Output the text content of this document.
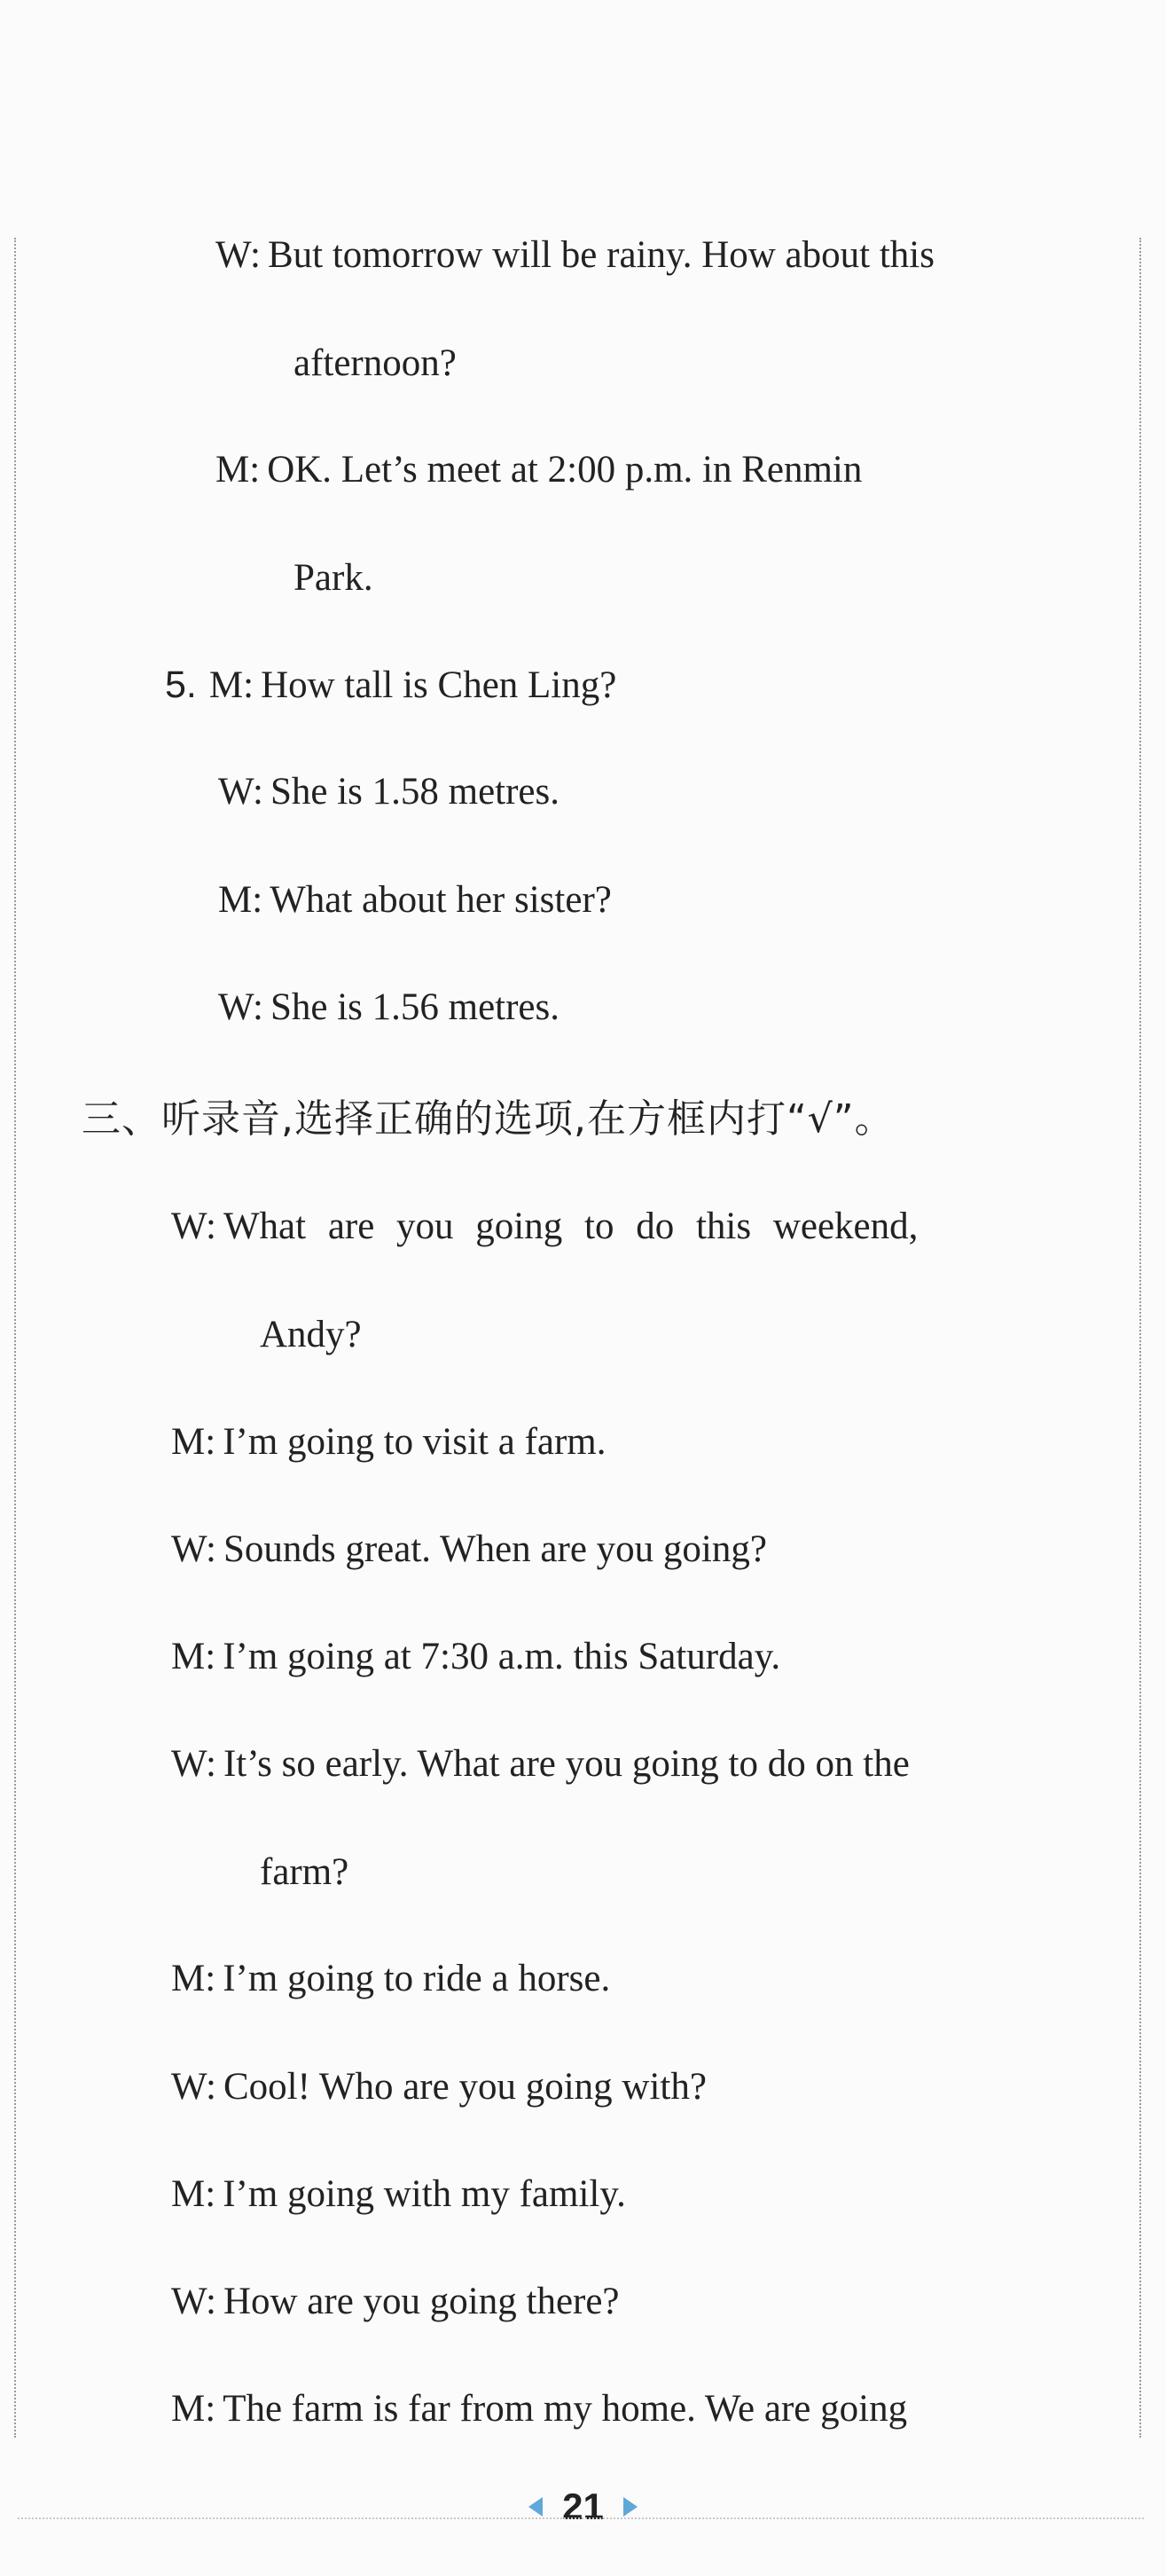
W: But tomorrow will be rainy. How about this
afternoon?
M: OK. Let’s meet at 2:00 p.m. in Renmin
Park.
5. M: How tall is Chen Ling?
W: She is 1.58 metres.
M: What about her sister?
W: She is 1.56 metres.
三、听录音,选择正确的选项,在方框内打“√”。
W: What are you going to do this weekend,
Andy?
M: I’m going to visit a farm.
W: Sounds great. When are you going?
M: I’m going at 7:30 a.m. this Saturday.
W: It’s so early. What are you going to do on the
farm?
M: I’m going to ride a horse.
W: Cool! Who are you going with?
M: I’m going with my family.
W: How are you going there?
M: The farm is far from my home. We are going
21
